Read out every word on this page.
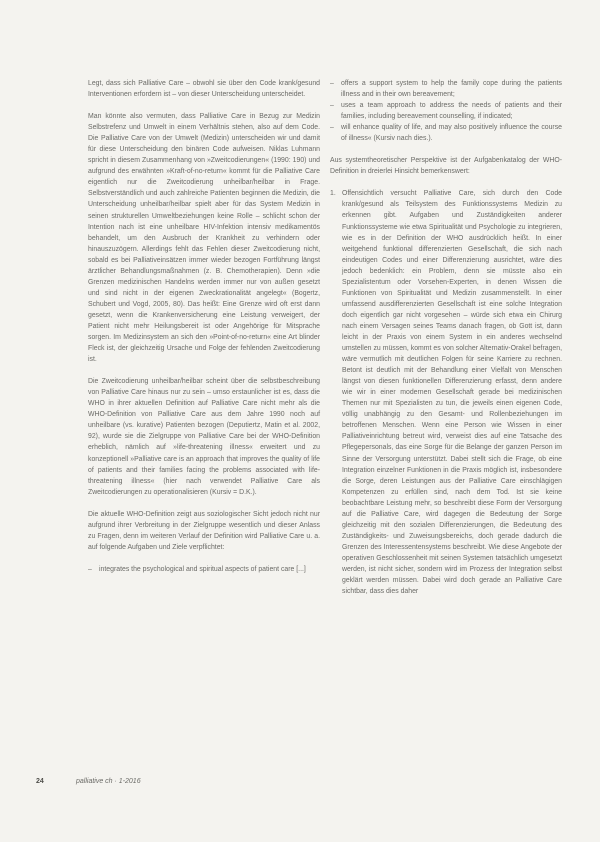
Legt, dass sich Palliative Care – obwohl sie über den Code krank/gesund Interventionen erfordern ist – von dieser Unterscheidung unterscheidet.

Man könnte also vermuten, dass Palliative Care in Bezug zur Medizin Selbstrefenz und Umwelt in einem Verhältnis stehen, also auf dem Code. Die Palliative Care von der Umwelt (Medizin) unterscheiden wir und damit für diese Unterscheidung den binären Code aufweisen. Niklas Luhmann spricht in diesem Zusammenhang von »Zweitcodierungen« (1990: 190) und aufgrund des erwähnten »Kraft-of-no-return« kommt für die Palliative Care eigentlich nur die Zweitcodierung unheilbar/heilbar in Frage. Selbstverständlich und auch zahlreiche Patienten beginnen die Medizin, die Unterscheidung unheilbar/heilbar spielt aber für das System Medizin in seinen strukturellen Umweltbeziehungen keine Rolle – schlicht schon der Intention nach ist eine unheilbare HIV-Infektion intensiv medikamentös behandelt, um den Ausbruch der Krankheit zu verhindern oder hinauszuzögern. Allerdings fehlt das Fehlen dieser Zweitcodierung nicht, sobald es bei Palliativeinsätzen immer wieder bezogen Fortführung längst ärztlicher Behandlungsmaßnahmen (z. B. Chemotherapien). Denn »die Grenzen medizinischen Handelns werden immer nur von außen gesetzt und sind nicht in der eigenen Zweckrationalität angelegt« (Bogertz, Schubert und Vogd, 2005, 80). Das heißt: Eine Grenze wird oft erst dann gesetzt, wenn die Krankenversicherung eine Leistung verweigert, der Patient nicht mehr Heilungsbereit ist oder Angehörige für Mitsprache sorgen. Im Medizinsystem an sich den »Point-of-no-return« eine Art blinder Fleck ist, der gleichzeitig Ursache und Folge der fehlenden Zweitcodierung ist.

Die Zweitcodierung unheilbar/heilbar scheint über die selbstbeschreibung von Palliative Care hinaus nur zu sein – umso erstaunlicher ist es, dass die WHO in ihrer aktuellen Definition auf Palliative Care nicht mehr als die WHO-Definition von Palliative Care aus dem Jahre 1990 noch auf unheilbare (vs. kurative) Patienten bezogen (Deputiertz, Matin et al. 2002, 92), wurde sie die Zielgruppe von Palliative Care bei der WHO-Definition erheblich, nämlich auf »life-threatening illness« erweitert und zu konzeptionell »Palliative care is an approach that improves the quality of life of patients and their families facing the problems associated with life-threatening illness« (hier nach verwendet Palliative Care als Zweitcodierungen zu operationalisieren (Kursiv = D.K.).

Die aktuelle WHO-Definition zeigt aus soziologischer Sicht jedoch nicht nur aufgrund ihrer Verbreitung in der Zielgruppe wesentlich und dieser Anlass zu Fragen, denn im weiteren Verlauf der Definition wird Palliative Care u. a. auf folgende Aufgaben und Ziele verpflichtet:

– integrates the psychological and spiritual aspects of patient care [...]
– offers a support system to help the family cope during the patients illness and in their own bereavement;
– uses a team approach to address the needs of patients and their families, including bereavement counselling, if indicated;
– will enhance quality of life, and may also positively influence the course of illness« (Kursiv nach dies.).

Aus systemtheoretischer Perspektive ist der Aufgabenkatalog der WHO-Definition in dreierlei Hinsicht bemerkenswert:

1. Offensichtlich versucht Palliative Care, sich durch den Code krank/gesund als Teilsystem des Funktionssystems Medizin zu erkennen gibt. Aufgaben und Zuständigkeiten anderer Funktionssysteme wie etwa Spiritualität und Psychologie zu integrieren, wie es in der Definition der WHO ausdrücklich heißt. In einer weitgehend funktional differenzierten Gesellschaft, die sich nach eindeutigen Codes und einer Differenzierung ausrichtet, wäre dies jedoch bedenklich: ein Problem, denn sie müsste also ein Spezialistentum oder Vorsehen-Experten, in denen Wissen die Funktionen von Spiritualität und Medizin zusammenstellt. In einer umfassend ausdifferenzierten Gesellschaft ist eine solche Integration doch eigentlich gar nicht vorgesehen – würde sich etwa ein Chirurg nach einem Versagen seines Teams danach fragen, ob Gott ist, dann leicht in der Praxis von einem System in ein anderes wechselnd umstellen zu müssen, kommt es von solcher Alternativ-Orakel befragen, wäre vermutlich mit deutlichen Folgen für seine Karriere zu rechnen. Betont ist deutlich mit der Behandlung einer Vielfalt von Menschen längst von diesen funktionellen Differenzierung erfasst, denn andere wie wir in einer modernen Gesellschaft gerade bei medizinischen Themen nur mit Spezialisten zu tun, die jeweils einen eigenen Code, völlig unabhängig zu den Gesamt- und Rollenbeziehungen im betroffenen Menschen. Wenn eine Person wie Wissen in einer Palliativeinrichtung betreut wird, verweist dies auf eine Tatsache des Pflegepersonals, das eine Sorge für die Belange der ganzen Person im Sinne der Versorgung unterstützt. Dabei stellt sich die Frage, ob eine Integration einzelner Funktionen in die Praxis möglich ist, insbesondere die Sorge, deren Leistungen aus der Palliative Care einschlägigen Kompetenzen zu erfüllen sind, nach dem Tod. Ist sie keine beobachtbare Leistung mehr, so beschreibt diese Form der Versorgung auf die Palliative Care, wird dagegen die Bedeutung der Sorge gleichzeitig mit den sozialen Differenzierungen, die Bedeutung des Zuständigkeits- und Zuweisungsbereichs, doch gerade dadurch die Grenzen des Interessentensystems beschreibt. Wie diese Angebote der operativen Geschlossenheit mit seinen Systemen tatsächlich umgesetzt werden, ist nicht sicher, sondern wird im Prozess der Integration selbst geklärt werden müssen. Dabei wird doch gerade an Palliative Care sichtbar, dass dies daher
24	palliative ch · 1-2016
